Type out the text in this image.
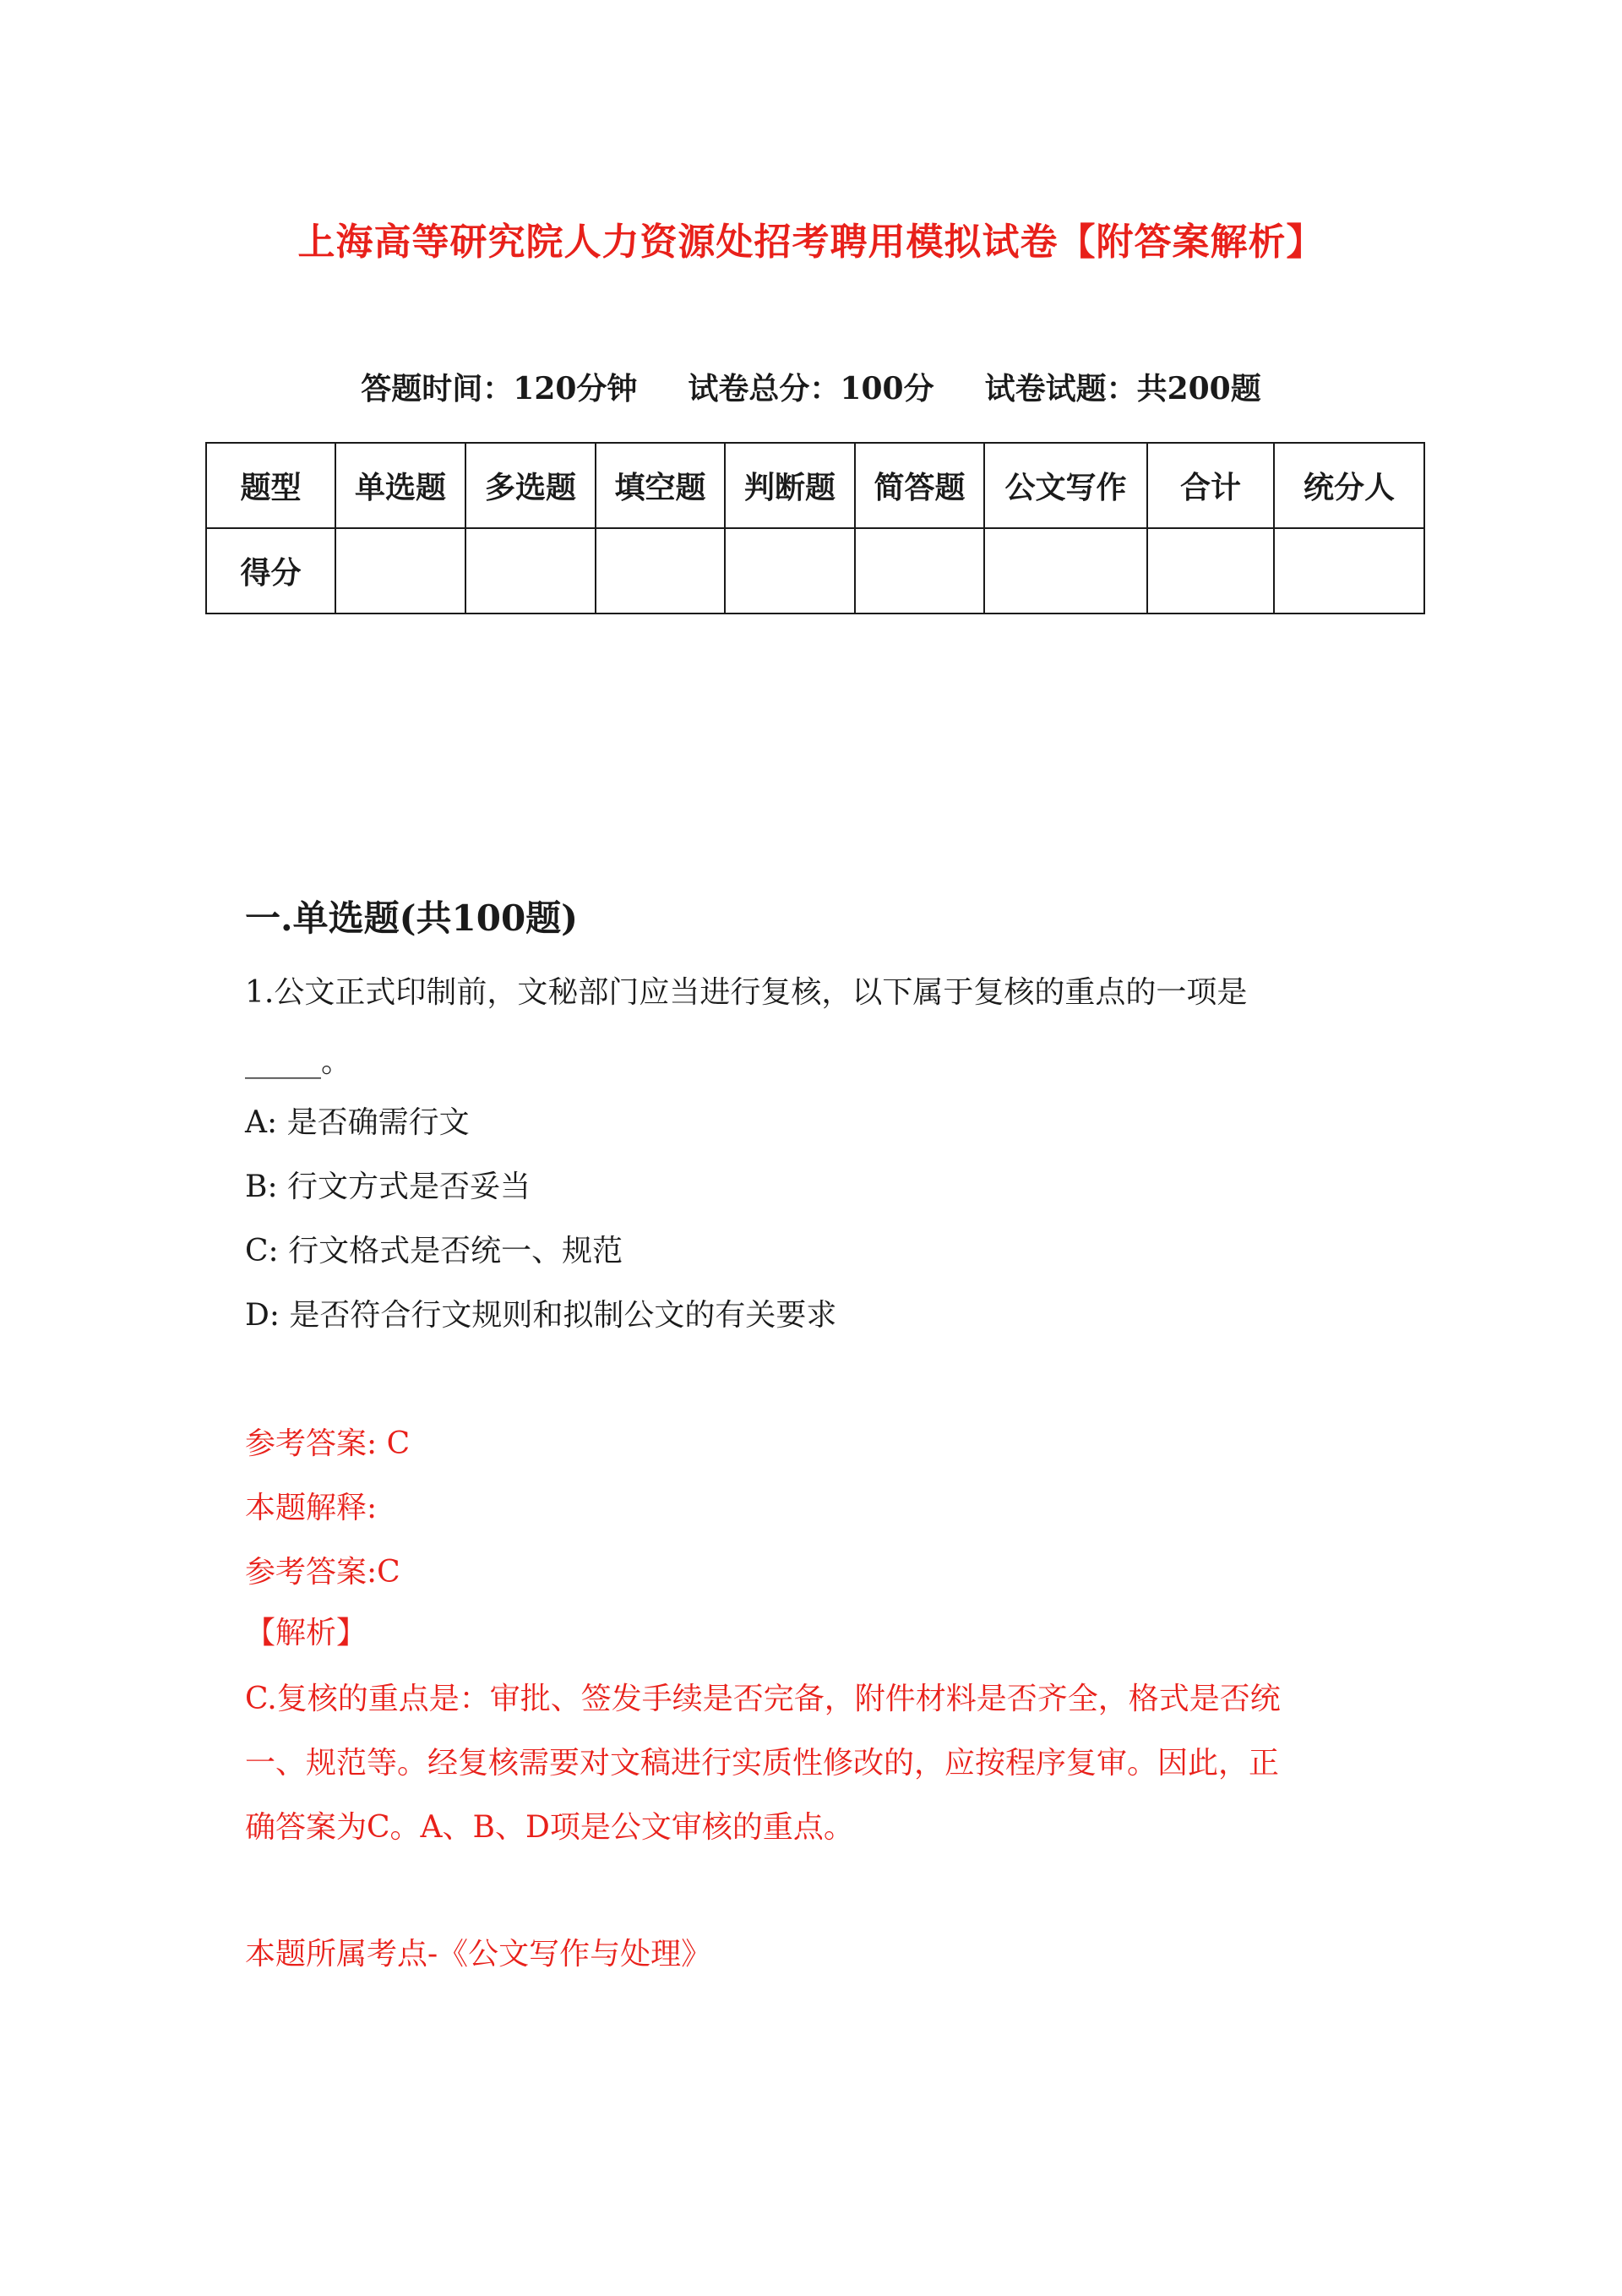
上海高等研究院人力资源处招考聘用模拟试卷【附答案解析】
答题时间：120分钟 试卷总分：100分 试卷试题：共200题
题型	单选题	多选题	填空题	判断题	简答题	公文写作	合计	统分人
得分								
一.单选题(共100题)
1.公文正式印制前，文秘部门应当进行复核，以下属于复核的重点的一项是
_____。
A: 是否确需行文
B: 行文方式是否妥当
C: 行文格式是否统一、规范
D: 是否符合行文规则和拟制公文的有关要求
参考答案: C
本题解释:
参考答案:C
【解析】
C.复核的重点是：审批、签发手续是否完备，附件材料是否齐全，格式是否统
一、规范等。经复核需要对文稿进行实质性修改的，应按程序复审。因此，正
确答案为C。A、B、D项是公文审核的重点。
本题所属考点-《公文写作与处理》
